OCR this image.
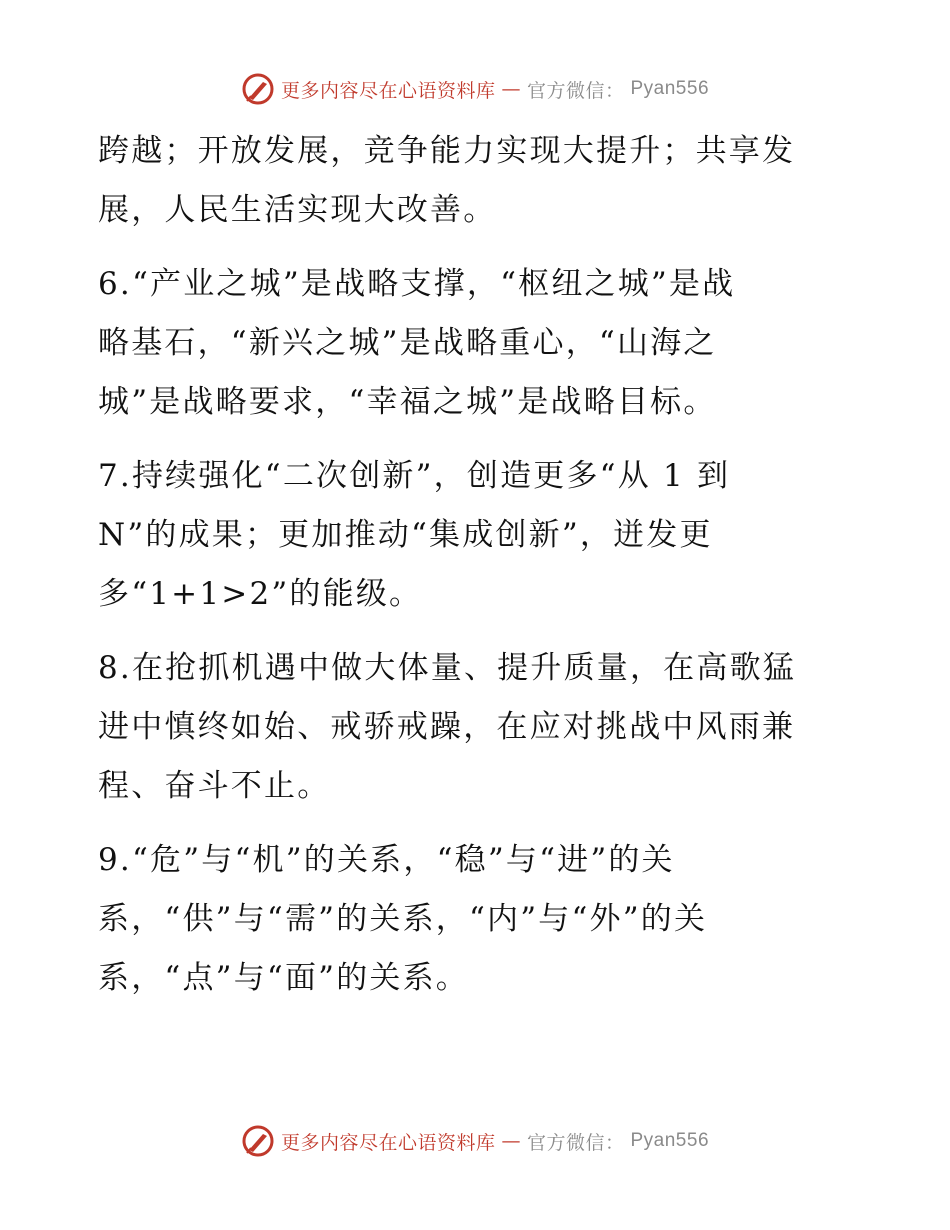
更多内容尽在心语资料库 — 官方微信： Pyan556

跨越；开放发展，竞争能力实现大提升；共享发
展，人民生活实现大改善。

6.“产业之城”是战略支撑，“枢纽之城”是战
略基石，“新兴之城”是战略重心，“山海之
城”是战略要求，“幸福之城”是战略目标。

7.持续强化“二次创新”，创造更多“从 1 到
N”的成果；更加推动“集成创新”，迸发更
多“1+1>2”的能级。

8.在抢抓机遇中做大体量、提升质量，在高歌猛
进中慎终如始、戒骄戒躁，在应对挑战中风雨兼
程、奋斗不止。

9.“危”与“机”的关系，“稳”与“进”的关
系，“供”与“需”的关系，“内”与“外”的关
系，“点”与“面”的关系。

更多内容尽在心语资料库 — 官方微信： Pyan556
